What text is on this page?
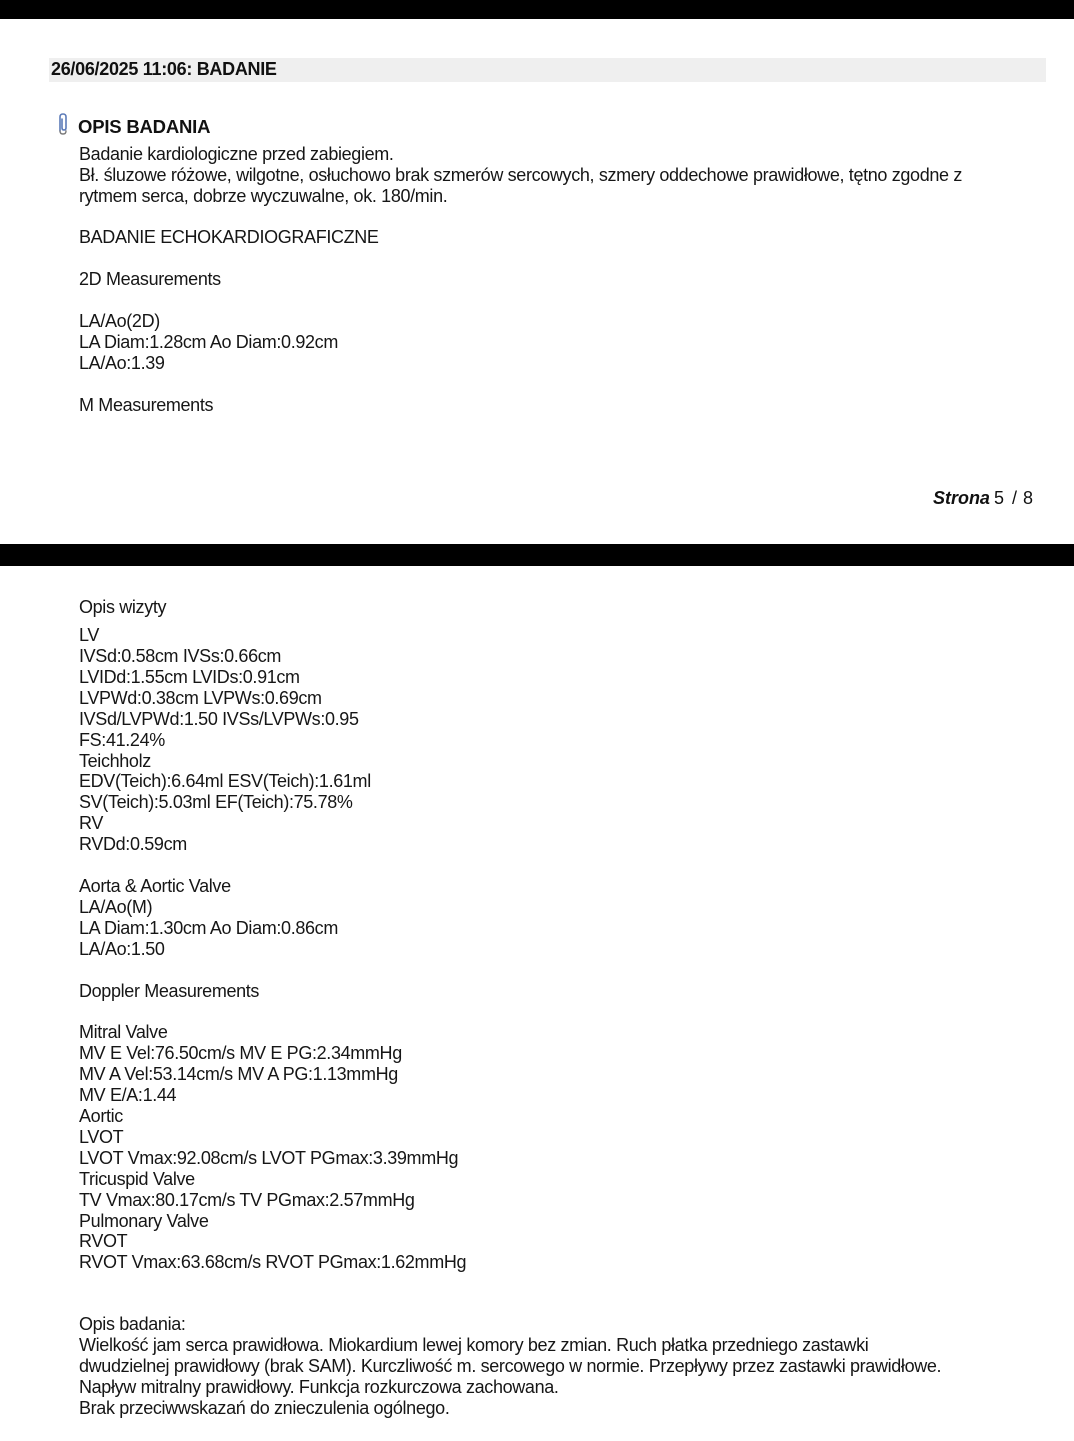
26/06/2025 11:06: BADANIE
OPIS BADANIA
Badanie kardiologiczne przed zabiegiem.
Bł. śluzowe różowe, wilgotne, osłuchowo brak szmerów sercowych, szmery oddechowe prawidłowe, tętno zgodne z
rytmem serca, dobrze wyczuwalne, ok. 180/min.
BADANIE ECHOKARDIOGRAFICZNE
2D Measurements
LA/Ao(2D)
LA Diam:1.28cm Ao Diam:0.92cm
LA/Ao:1.39
M Measurements
Strona 5 / 8
Opis wizyty
LV
IVSd:0.58cm IVSs:0.66cm
LVIDd:1.55cm LVIDs:0.91cm
LVPWd:0.38cm LVPWs:0.69cm
IVSd/LVPWd:1.50 IVSs/LVPWs:0.95
FS:41.24%
Teichholz
EDV(Teich):6.64ml ESV(Teich):1.61ml
SV(Teich):5.03ml EF(Teich):75.78%
RV
RVDd:0.59cm
Aorta & Aortic Valve
LA/Ao(M)
LA Diam:1.30cm Ao Diam:0.86cm
LA/Ao:1.50
Doppler Measurements
Mitral Valve
MV E Vel:76.50cm/s MV E PG:2.34mmHg
MV A Vel:53.14cm/s MV A PG:1.13mmHg
MV E/A:1.44
Aortic
LVOT
LVOT Vmax:92.08cm/s LVOT PGmax:3.39mmHg
Tricuspid Valve
TV Vmax:80.17cm/s TV PGmax:2.57mmHg
Pulmonary Valve
RVOT
RVOT Vmax:63.68cm/s RVOT PGmax:1.62mmHg
Opis badania:
Wielkość jam serca prawidłowa. Miokardium lewej komory bez zmian. Ruch płatka przedniego zastawki
dwudzielnej prawidłowy (brak SAM). Kurczliwość m. sercowego w normie. Przepływy przez zastawki prawidłowe.
Napływ mitralny prawidłowy. Funkcja rozkurczowa zachowana.
Brak przeciwwskazań do znieczulenia ogólnego.
